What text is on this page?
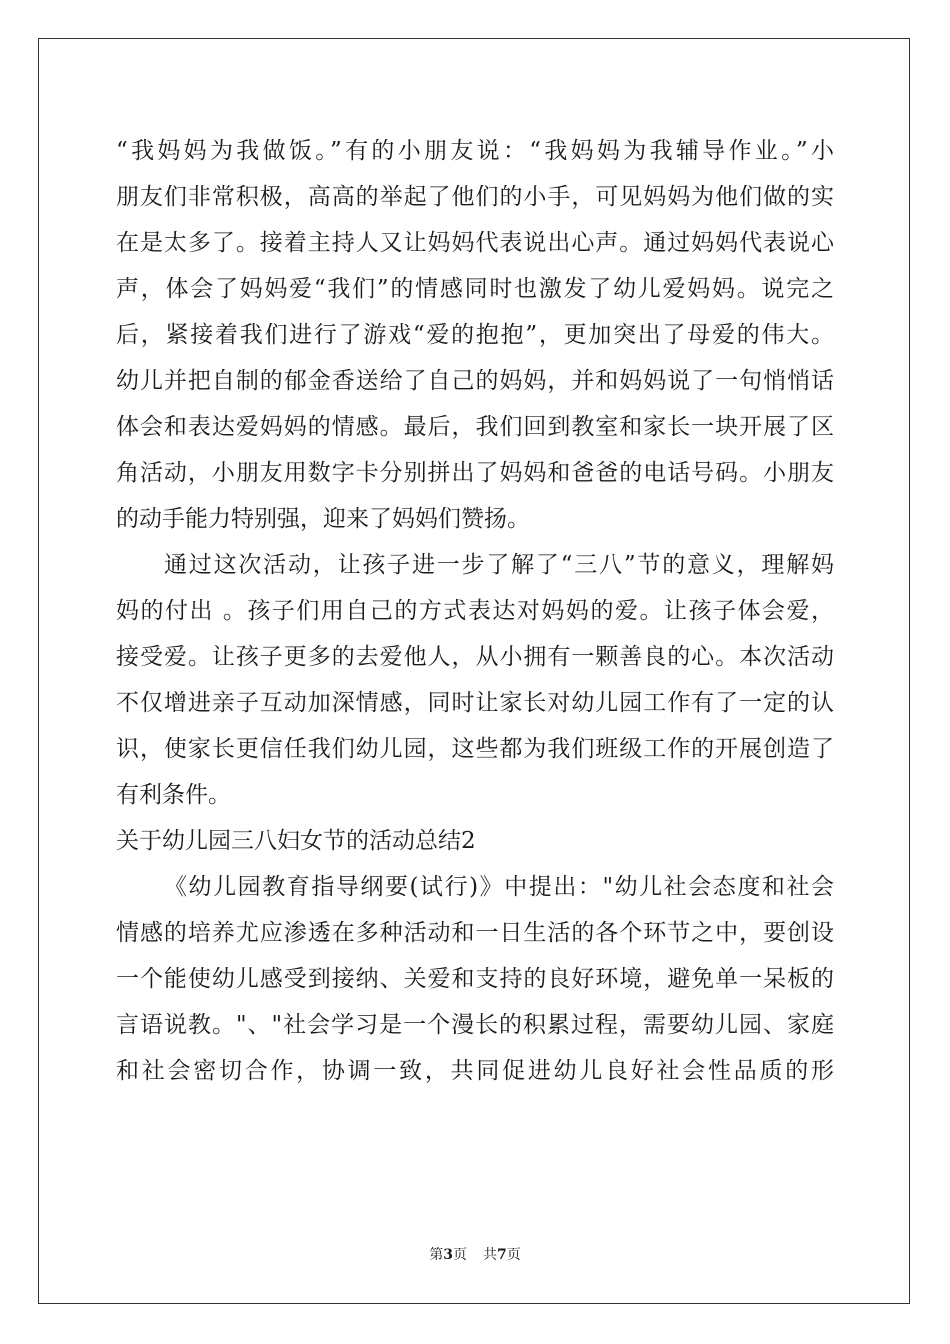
“我妈妈为我做饭。”有的小朋友说：“我妈妈为我辅导作业。”小
朋友们非常积极，高高的举起了他们的小手，可见妈妈为他们做的实
在是太多了。接着主持人又让妈妈代表说出心声。通过妈妈代表说心
声，体会了妈妈爱“我们”的情感同时也激发了幼儿爱妈妈。说完之
后，紧接着我们进行了游戏“爱的抱抱”，更加突出了母爱的伟大。
幼儿并把自制的郁金香送给了自己的妈妈，并和妈妈说了一句悄悄话
体会和表达爱妈妈的情感。最后，我们回到教室和家长一块开展了区
角活动，小朋友用数字卡分别拼出了妈妈和爸爸的电话号码。小朋友
的动手能力特别强，迎来了妈妈们赞扬。
通过这次活动，让孩子进一步了解了“三八”节的意义，理解妈
妈的付出 。孩子们用自己的方式表达对妈妈的爱。让孩子体会爱，
接受爱。让孩子更多的去爱他人，从小拥有一颗善良的心。本次活动
不仅增进亲子互动加深情感，同时让家长对幼儿园工作有了一定的认
识，使家长更信任我们幼儿园，这些都为我们班级工作的开展创造了
有利条件。
关于幼儿园三八妇女节的活动总结2
《幼儿园教育指导纲要(试行)》中提出："幼儿社会态度和社会
情感的培养尤应渗透在多种活动和一日生活的各个环节之中，要创设
一个能使幼儿感受到接纳、关爱和支持的良好环境，避免单一呆板的
言语说教。"、"社会学习是一个漫长的积累过程，需要幼儿园、家庭
和社会密切合作，协调一致，共同促进幼儿良好社会性品质的形
第3页 共7页
